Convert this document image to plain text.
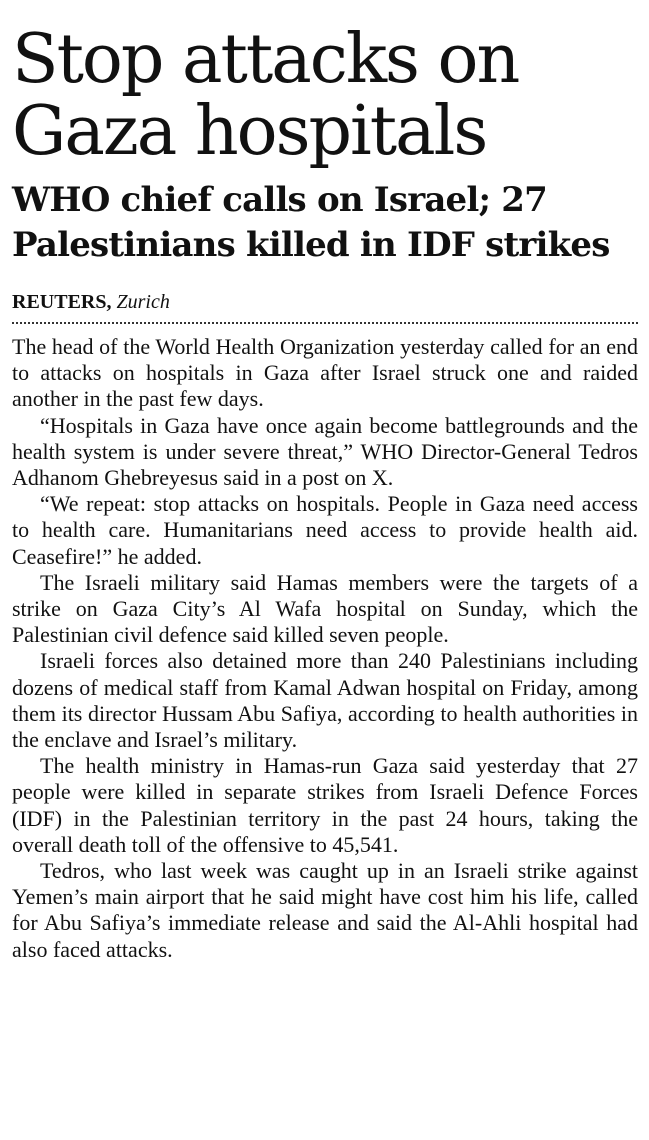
Stop attacks on Gaza hospitals
WHO chief calls on Israel; 27 Palestinians killed in IDF strikes
REUTERS, Zurich

The head of the World Health Organization yesterday called for an end to attacks on hospitals in Gaza after Israel struck one and raided another in the past few days.

“Hospitals in Gaza have once again become battlegrounds and the health system is under severe threat,” WHO Director-General Tedros Adhanom Ghebreyesus said in a post on X.

“We repeat: stop attacks on hospitals. People in Gaza need access to health care. Humanitarians need access to provide health aid. Ceasefire!” he added.

The Israeli military said Hamas members were the targets of a strike on Gaza City’s Al Wafa hospital on Sunday, which the Palestinian civil defence said killed seven people.

Israeli forces also detained more than 240 Palestinians including dozens of medical staff from Kamal Adwan hospital on Friday, among them its director Hussam Abu Safiya, according to health authorities in the enclave and Israel’s military.

The health ministry in Hamas-run Gaza said yesterday that 27 people were killed in separate strikes from Israeli Defence Forces (IDF) in the Palestinian territory in the past 24 hours, taking the overall death toll of the offensive to 45,541.

Tedros, who last week was caught up in an Israeli strike against Yemen’s main airport that he said might have cost him his life, called for Abu Safiya’s immediate release and said the Al-Ahli hospital had also faced attacks.
